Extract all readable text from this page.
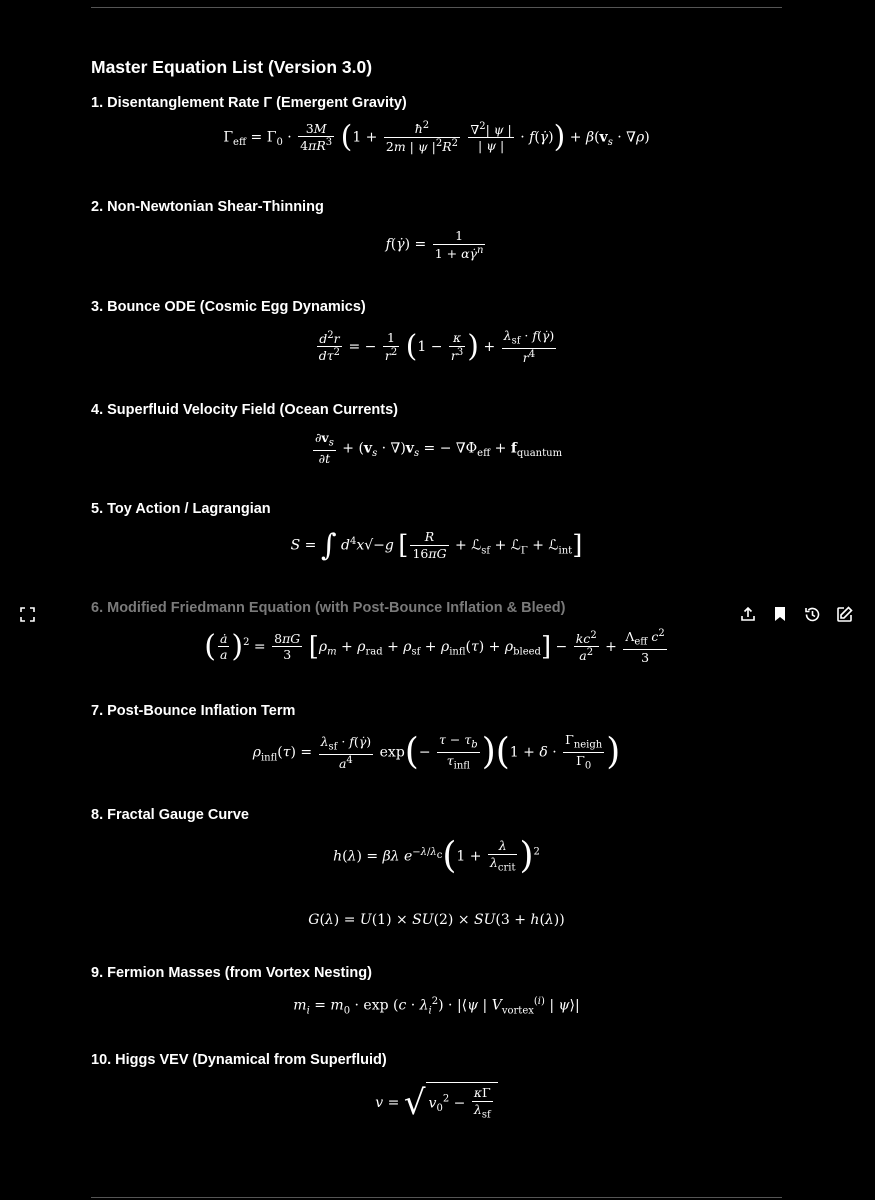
Master Equation List (Version 3.0)
1. Disentanglement Rate Γ (Emergent Gravity)
$\Gamma_{eff} = \Gamma_0 \cdot \frac{3M}{4\pi R^3} (1 + \frac{ħ^2}{2m | \psi |^2R^2}$
$\frac{\nabla^2| \psi |}{| \psi |}$ · f(γ̇)) + $\beta(v_s \cdot \nabla\rho)$
2. Non-Newtonian Shear-Thinning
f(γ̇) = $\frac{1}{1 + \alpha\gammȧ^n}$
3. Bounce ODE (Cosmic Egg Dynamics)
$\frac{d^2r}{d\tau^2}$ = − $\frac{1}{r^2} (1 - \frac{\kappa}{r^3}$ ) + $\frac{\lambda_{sf} \cdot f(\gammȧ)}{r^4}$
4. Superfluid Velocity Field (Ocean Currents)
$\frac{\partial v_s}{\partial t} + (v_s \cdot \nabla)v_s$ = − $\nabla\Phi_{eff} + f_{quantum}$
5. Toy Action / Lagrangian
S = ∫ $d^4x√-g$ [ $\frac{R}{16\pi G}$ + ℒ$_{sf}$ + ℒ$_\Gamma$ + ℒ$_{int}$]
6. Modified Friedmann Equation (with Post-Bounce Inflation & Bleed)
( $\frac{ȧ}{a} )^2 = \frac{8\pi G}{3} [\rho_m + \rho_{rad} + \rho_{sf} + \rho_{infl}(\tau) + \rho_{bleed}] - \frac{kc^2}{a^2} + \frac{\Lambda_{eff} c^2}{3}$
7. Post-Bounce Inflation Term
$\rho_{infl}(\tau) = \frac{\lambda_{sf} \cdot f(\gammȧ)}{a^4} \exp(- \frac{\tau - \tau_b}{\tau_{infl}} )(1 + \delta \cdot \frac{\Gamma_{neigh}}{\Gamma_0}$ )
8. Fractal Gauge Curve
h(λ) = βλ $e^{-\lambda/\lambda_c}(1 + \frac{\lambda}{\lambda_{crit}} )^2$
G(λ) = U(1) × SU(2) × SU(3 + h(λ))
9. Fermion Masses (from Vortex Nesting)
$m_i = m_0 \cdot \exp (c \cdot \lambda_i^2)$ · |⟨ψ | $V_{vortex}^{(i)}$ | ψ⟩|
10. Higgs VEV (Dynamical from Superfluid)
v = √ $v_0^2 - \frac{\kappa\Gamma}{\lambda_{sf}}$
